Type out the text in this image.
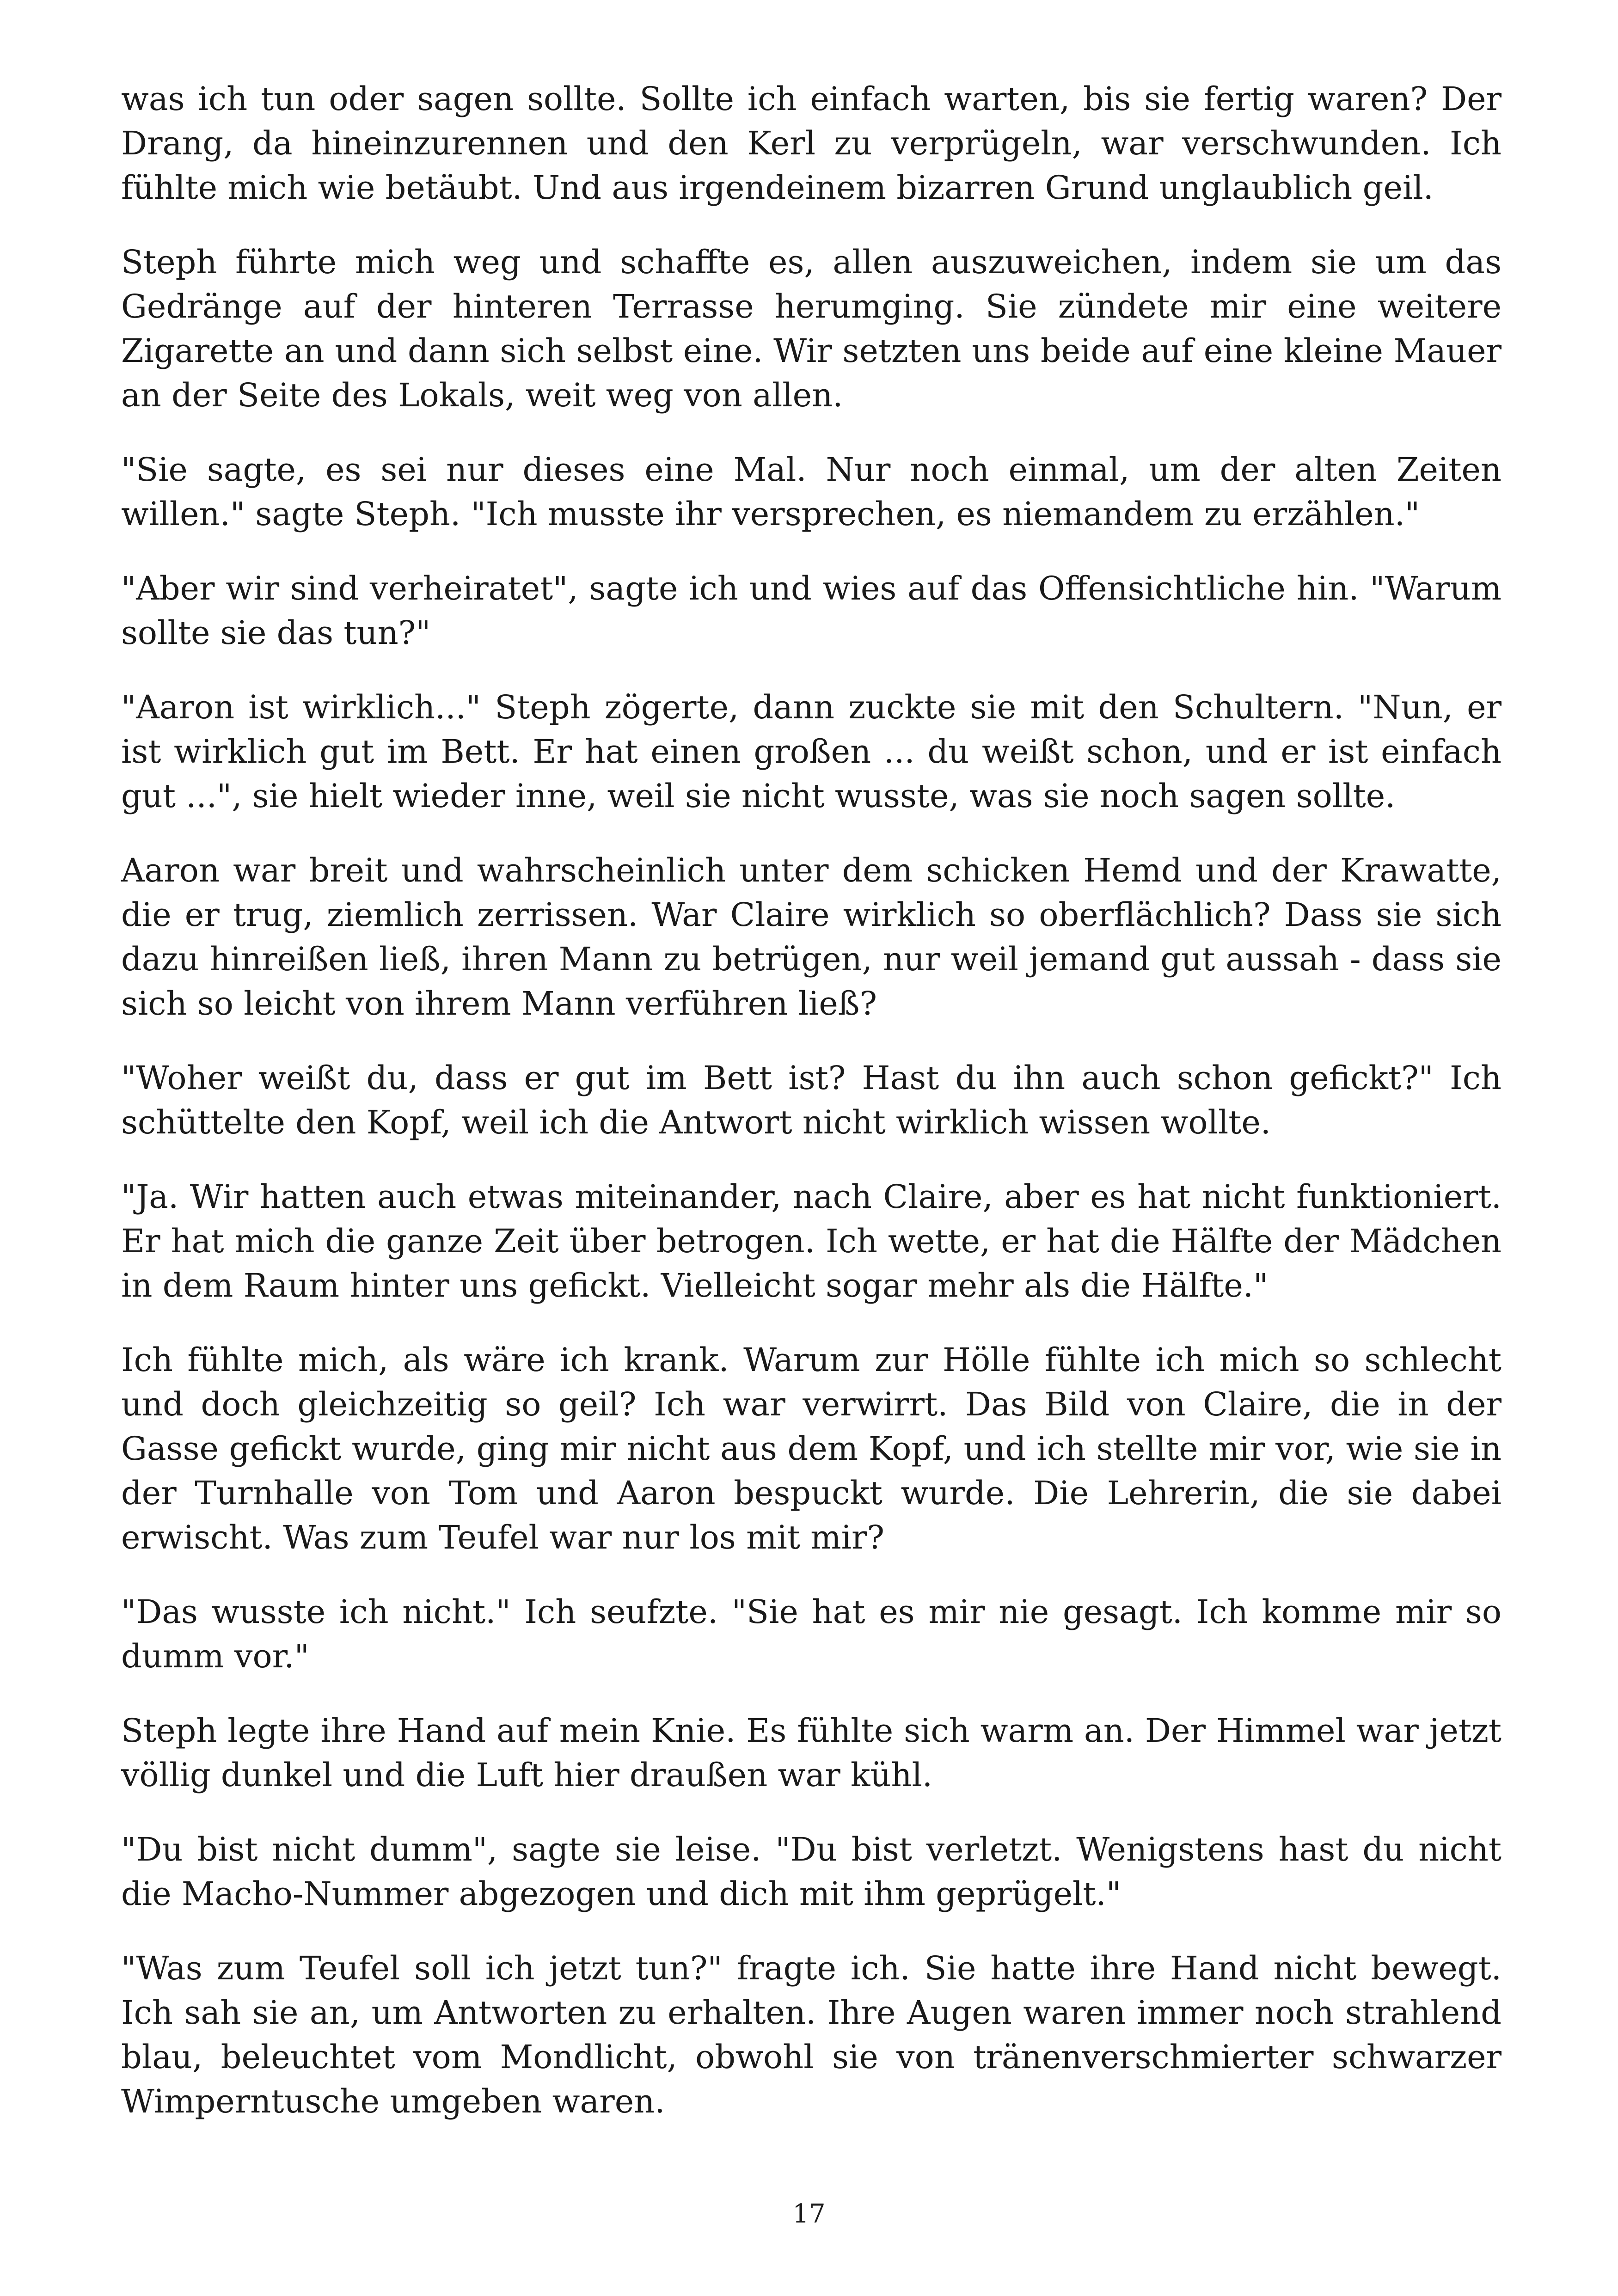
was ich tun oder sagen sollte. Sollte ich einfach warten, bis sie fertig waren? Der Drang, da hineinzurennen und den Kerl zu verprügeln, war verschwunden. Ich fühlte mich wie betäubt. Und aus irgendeinem bizarren Grund unglaublich geil.

Steph führte mich weg und schaffte es, allen auszuweichen, indem sie um das Gedränge auf der hinteren Terrasse herumging. Sie zündete mir eine weitere Zigarette an und dann sich selbst eine. Wir setzten uns beide auf eine kleine Mauer an der Seite des Lokals, weit weg von allen.

"Sie sagte, es sei nur dieses eine Mal. Nur noch einmal, um der alten Zeiten willen." sagte Steph. "Ich musste ihr versprechen, es niemandem zu erzählen."

"Aber wir sind verheiratet", sagte ich und wies auf das Offensichtliche hin. "Warum sollte sie das tun?"

"Aaron ist wirklich..." Steph zögerte, dann zuckte sie mit den Schultern. "Nun, er ist wirklich gut im Bett. Er hat einen großen ... du weißt schon, und er ist einfach gut ...", sie hielt wieder inne, weil sie nicht wusste, was sie noch sagen sollte.

Aaron war breit und wahrscheinlich unter dem schicken Hemd und der Krawatte, die er trug, ziemlich zerrissen. War Claire wirklich so oberflächlich? Dass sie sich dazu hinreißen ließ, ihren Mann zu betrügen, nur weil jemand gut aussah - dass sie sich so leicht von ihrem Mann verführen ließ?

"Woher weißt du, dass er gut im Bett ist? Hast du ihn auch schon gefickt?" Ich schüttelte den Kopf, weil ich die Antwort nicht wirklich wissen wollte.

"Ja. Wir hatten auch etwas miteinander, nach Claire, aber es hat nicht funktioniert. Er hat mich die ganze Zeit über betrogen. Ich wette, er hat die Hälfte der Mädchen in dem Raum hinter uns gefickt. Vielleicht sogar mehr als die Hälfte."

Ich fühlte mich, als wäre ich krank. Warum zur Hölle fühlte ich mich so schlecht und doch gleichzeitig so geil? Ich war verwirrt. Das Bild von Claire, die in der Gasse gefickt wurde, ging mir nicht aus dem Kopf, und ich stellte mir vor, wie sie in der Turnhalle von Tom und Aaron bespuckt wurde. Die Lehrerin, die sie dabei erwischt. Was zum Teufel war nur los mit mir?

"Das wusste ich nicht." Ich seufzte. "Sie hat es mir nie gesagt. Ich komme mir so dumm vor."

Steph legte ihre Hand auf mein Knie. Es fühlte sich warm an. Der Himmel war jetzt völlig dunkel und die Luft hier draußen war kühl.

"Du bist nicht dumm", sagte sie leise. "Du bist verletzt. Wenigstens hast du nicht die Macho-Nummer abgezogen und dich mit ihm geprügelt."

"Was zum Teufel soll ich jetzt tun?" fragte ich. Sie hatte ihre Hand nicht bewegt. Ich sah sie an, um Antworten zu erhalten. Ihre Augen waren immer noch strahlend blau, beleuchtet vom Mondlicht, obwohl sie von tränenverschmierter schwarzer Wimperntusche umgeben waren.

17
